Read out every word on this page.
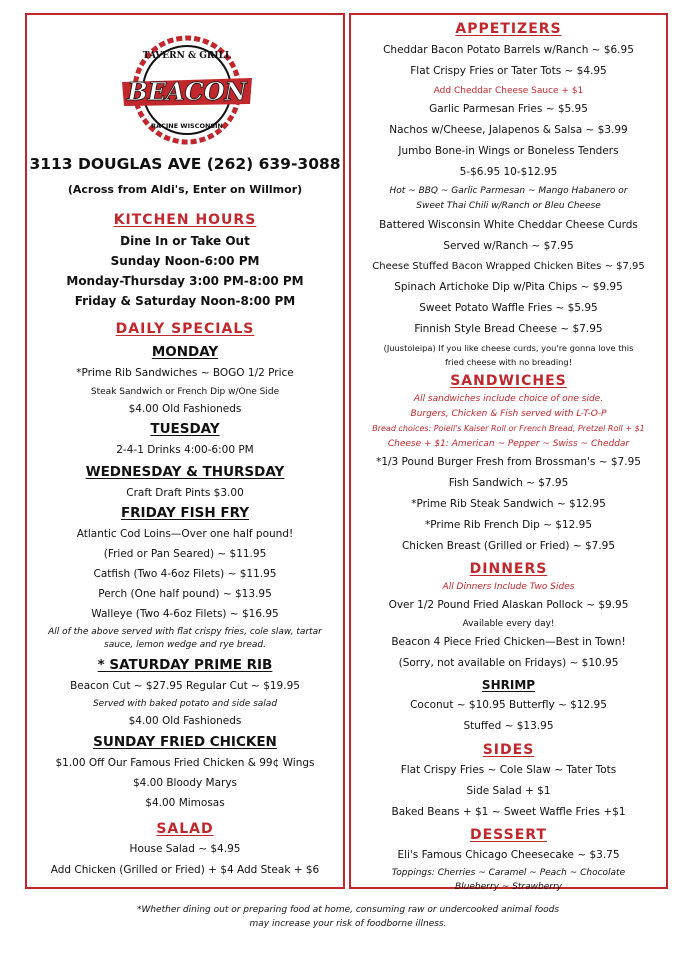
TAVERN & GRILL
BEACON
RACINE WISCONSIN
3113 DOUGLAS AVE (262) 639-3088
(Across from Aldi's, Enter on Willmor)
KITCHEN HOURS
Dine In or Take Out
Sunday Noon-6:00 PM
Monday-Thursday 3:00 PM-8:00 PM
Friday & Saturday Noon-8:00 PM
DAILY SPECIALS
MONDAY
*Prime Rib Sandwiches ~ BOGO 1/2 Price
Steak Sandwich or French Dip w/One Side
$4.00 Old Fashioneds
TUESDAY
2-4-1 Drinks 4:00-6:00 PM
WEDNESDAY & THURSDAY
Craft Draft Pints $3.00
FRIDAY FISH FRY
Atlantic Cod Loins—Over one half pound!
(Fried or Pan Seared) ~ $11.95
Catfish (Two 4-6oz Filets) ~ $11.95
Perch (One half pound) ~ $13.95
Walleye (Two 4-6oz Filets) ~ $16.95
All of the above served with flat crispy fries, cole slaw, tartar
sauce, lemon wedge and rye bread.
* SATURDAY PRIME RIB
Beacon Cut ~ $27.95 Regular Cut ~ $19.95
Served with baked potato and side salad
$4.00 Old Fashioneds
SUNDAY FRIED CHICKEN
$1.00 Off Our Famous Fried Chicken & 99¢ Wings
$4.00 Bloody Marys
$4.00 Mimosas
SALAD
House Salad ~ $4.95
Add Chicken (Grilled or Fried) + $4 Add Steak + $6
APPETIZERS
Cheddar Bacon Potato Barrels w/Ranch ~ $6.95
Flat Crispy Fries or Tater Tots ~ $4.95
Add Cheddar Cheese Sauce + $1
Garlic Parmesan Fries ~ $5.95
Nachos w/Cheese, Jalapenos & Salsa ~ $3.99
Jumbo Bone-in Wings or Boneless Tenders
5-$6.95 10-$12.95
Hot ~ BBQ ~ Garlic Parmesan ~ Mango Habanero or
Sweet Thai Chili w/Ranch or Bleu Cheese
Battered Wisconsin White Cheddar Cheese Curds
Served w/Ranch ~ $7.95
Cheese Stuffed Bacon Wrapped Chicken Bites ~ $7.95
Spinach Artichoke Dip w/Pita Chips ~ $9.95
Sweet Potato Waffle Fries ~ $5.95
Finnish Style Bread Cheese ~ $7.95
(Juustoleipa) If you like cheese curds, you're gonna love this
fried cheese with no breading!
SANDWICHES
All sandwiches include choice of one side.
Burgers, Chicken & Fish served with L-T-O-P
Bread choices: Poiell's Kaiser Roll or French Bread, Pretzel Roll + $1
Cheese + $1: American ~ Pepper ~ Swiss ~ Cheddar
*1/3 Pound Burger Fresh from Brossman's ~ $7.95
Fish Sandwich ~ $7.95
*Prime Rib Steak Sandwich ~ $12.95
*Prime Rib French Dip ~ $12.95
Chicken Breast (Grilled or Fried) ~ $7.95
DINNERS
All Dinners Include Two Sides
Over 1/2 Pound Fried Alaskan Pollock ~ $9.95
Available every day!
Beacon 4 Piece Fried Chicken—Best in Town!
(Sorry, not available on Fridays) ~ $10.95
SHRIMP
Coconut ~ $10.95 Butterfly ~ $12.95
Stuffed ~ $13.95
SIDES
Flat Crispy Fries ~ Cole Slaw ~ Tater Tots
Side Salad + $1
Baked Beans + $1 ~ Sweet Waffle Fries +$1
DESSERT
Eli's Famous Chicago Cheesecake ~ $3.75
Toppings: Cherries ~ Caramel ~ Peach ~ Chocolate
Blueberry ~ Strawberry
*Whether dining out or preparing food at home, consuming raw or undercooked animal foods
may increase your risk of foodborne illness.
